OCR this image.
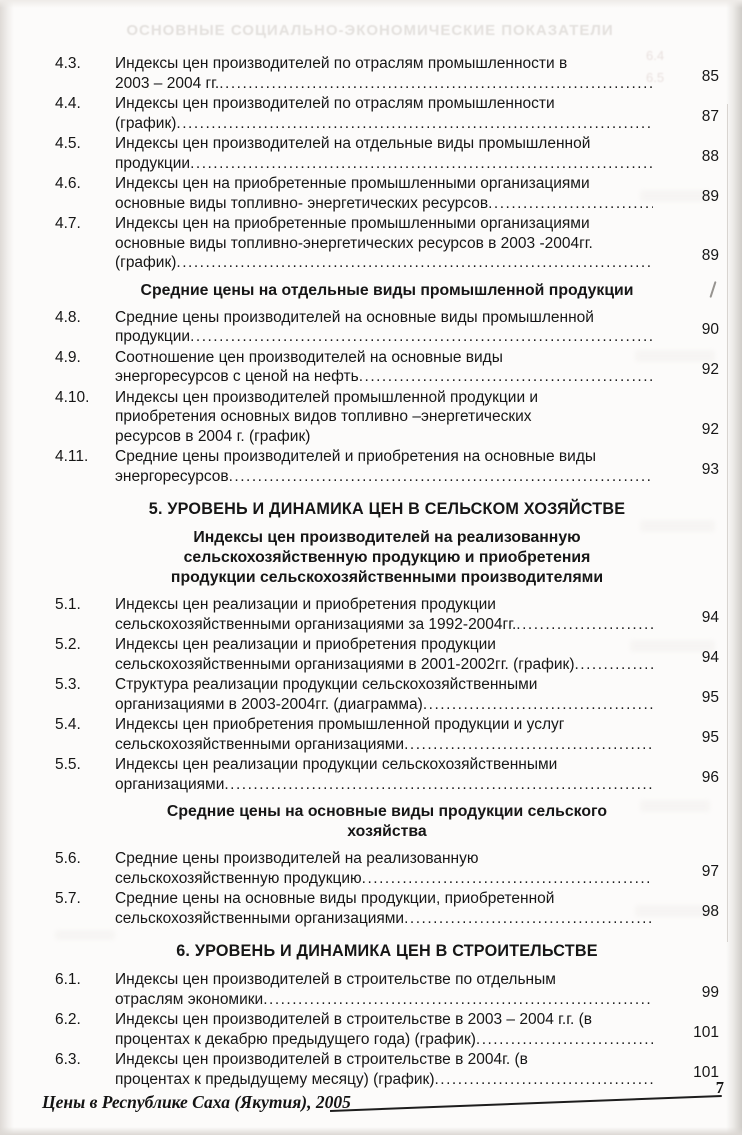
ОСНОВНЫЕ СОЦИАЛЬНО-ЭКОНОМИЧЕСКИЕ ПОКАЗАТЕЛИ
6.4
6.5
4.3.	Индексы цен производителей по отраслям промышленности в
2003 – 2004 гг. .....	85
4.4.	Индексы цен производителей по отраслям промышленности
(график) .....	87
4.5.	Индексы цен производителей на отдельные виды промышленной
продукции .....	88
4.6.	Индексы цен на приобретенные промышленными организациями
основные виды топливно- энергетических ресурсов .....	89
4.7.	Индексы цен на приобретенные промышленными организациями
основные виды топливно-энергетических ресурсов в 2003 -2004гг.
(график) .....	89
Средние цены на отдельные виды промышленной продукции
4.8.	Средние цены производителей на основные виды промышленной
продукции .....	90
4.9.	Соотношение цен производителей на основные виды
энергоресурсов с ценой на нефть .....	92
4.10.	Индексы цен производителей промышленной продукции и
приобретения основных видов топливно –энергетических
ресурсов в 2004 г. (график)	92
4.11.	Средние цены производителей и приобретения на основные виды
энергоресурсов .....	93
5. УРОВЕНЬ И ДИНАМИКА ЦЕН В СЕЛЬСКОМ ХОЗЯЙСТВЕ
Индексы цен производителей на реализованную
сельскохозяйственную продукцию и приобретения
продукции сельскохозяйственными производителями
5.1.	Индексы цен реализации и приобретения продукции
сельскохозяйственными организациями за 1992-2004гг. .....	94
5.2.	Индексы цен реализации и приобретения продукции
сельскохозяйственными организациями в 2001-2002гг. (график) .....	94
5.3.	Структура реализации продукции сельскохозяйственными
организациями в 2003-2004гг. (диаграмма) .....	95
5.4.	Индексы цен приобретения промышленной продукции и услуг
сельскохозяйственными организациями .....	95
5.5.	Индексы цен реализации продукции сельскохозяйственными
организациями .....	96
Средние цены на основные виды продукции сельского
хозяйства
5.6.	Средние цены производителей на реализованную
сельскохозяйственную продукцию .....	97
5.7.	Средние цены на основные виды продукции, приобретенной
сельскохозяйственными организациями .....	98
6. УРОВЕНЬ И ДИНАМИКА ЦЕН В СТРОИТЕЛЬСТВЕ
6.1.	Индексы цен производителей в строительстве по отдельным
отраслям экономики .....	99
6.2.	Индексы цен производителей в строительстве в 2003 – 2004 г.г. (в
процентах к декабрю предыдущего года) (график) .....	101
6.3.	Индексы цен производителей в строительстве в 2004г. (в
процентах к предыдущему месяцу) (график) .....	101
Цены в Республике Саха (Якутия), 2005
7
